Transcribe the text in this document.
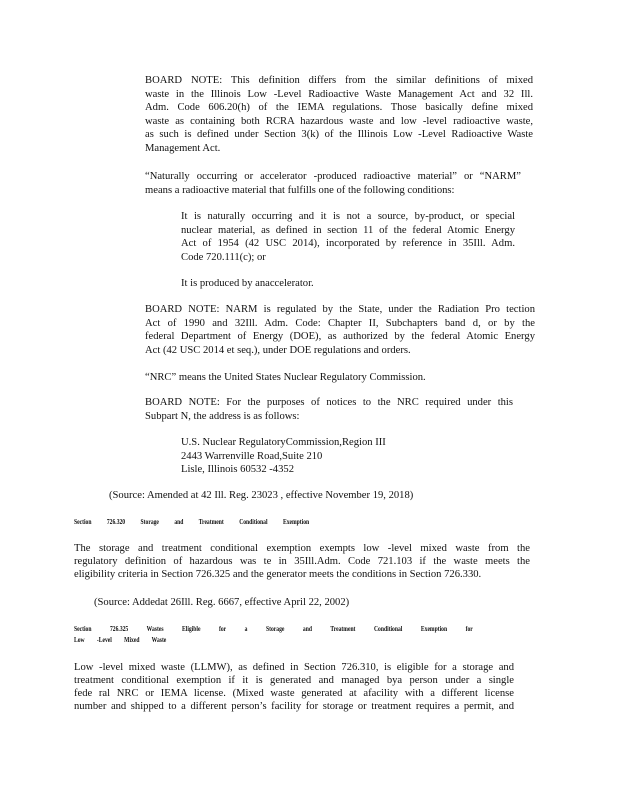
BOARD NOTE: This definition differs from the similar definitions of mixed
waste in the Illinois Low -Level Radioactive Waste Management Act and 32 Ill.
Adm. Code 606.20(h) of the IEMA regulations. Those basically define mixed
waste as containing both RCRA hazardous waste and low -level radioactive waste,
as such is defined under Section 3(k) of the Illinois Low -Level Radioactive Waste
Management Act.
“Naturally occurring or accelerator -produced radioactive material” or “NARM”
means a radioactive material that fulfills one of the following conditions:
It is naturally occurring and it is not a source, by-product, or special
nuclear material, as defined in section 11 of the federal Atomic Energy
Act of 1954 (42 USC 2014), incorporated by reference in 35Ill. Adm.
Code 720.111(c); or
It is produced by anaccelerator.
BOARD NOTE: NARM is regulated by the State, under the Radiation Pro tection
Act of 1990 and 32Ill. Adm. Code: Chapter II, Subchapters band d, or by the
federal Department of Energy (DOE), as authorized by the federal Atomic Energy
Act (42 USC 2014 et seq.), under DOE regulations and orders.
“NRC” means the United States Nuclear Regulatory Commission.
BOARD NOTE: For the purposes of notices to the NRC required under this
Subpart N, the address is as follows:
U.S. Nuclear RegulatoryCommission,Region III
2443 Warrenville Road,Suite 210
Lisle, Illinois 60532 -4352
(Source: Amended at 42 Ill. Reg. 23023 , effective November 19, 2018)
Section 726.320 Storage and Treatment Conditional Exemption
The storage and treatment conditional exemption exempts low -level mixed waste from the
regulatory definition of hazardous was te in 35Ill.Adm. Code 721.103 if the waste meets the
eligibility criteria in Section 726.325 and the generator meets the conditions in Section 726.330.
(Source: Addedat 26Ill. Reg. 6667, effective April 22, 2002)
Section 726.325 Wastes Eligible for a Storage and Treatment Conditional Exemption for
Low -Level Mixed Waste
Low -level mixed waste (LLMW), as defined in Section 726.310, is eligible for a storage and
treatment conditional exemption if it is generated and managed bya person under a single
fede ral NRC or IEMA license. (Mixed waste generated at afacility with a different license
number and shipped to a different person’s facility for storage or treatment requires a permit, and
